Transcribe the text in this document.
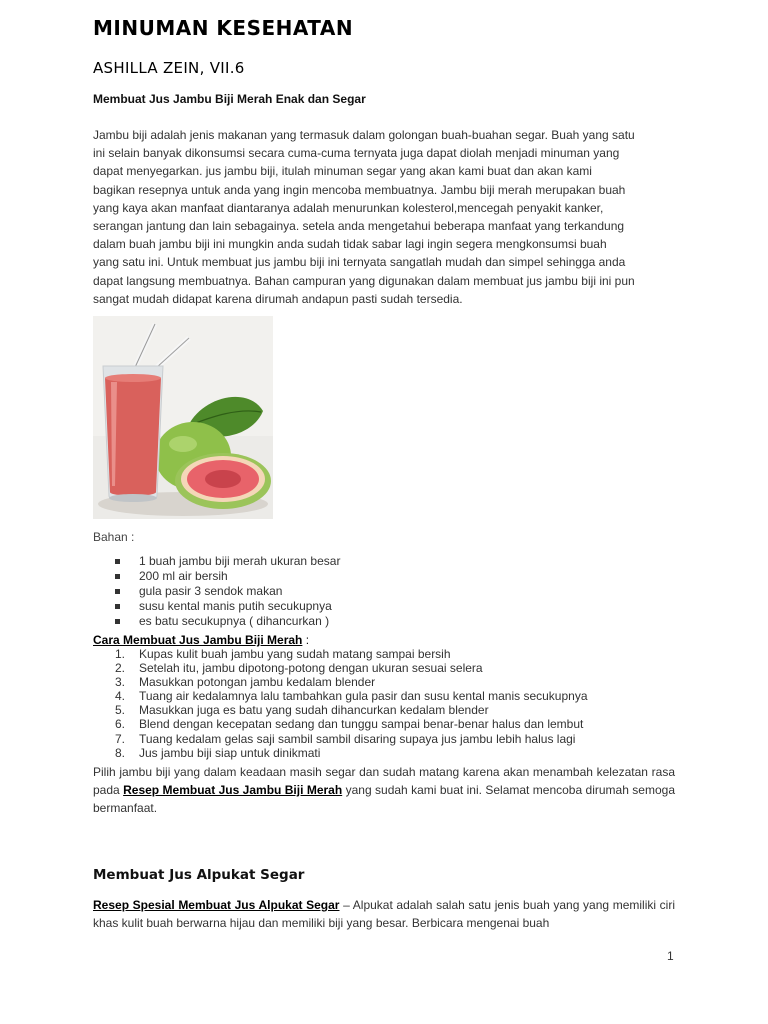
MINUMAN KESEHATAN
ASHILLA ZEIN, VII.6
Membuat Jus Jambu Biji Merah Enak dan Segar
Jambu biji adalah jenis makanan yang termasuk dalam golongan buah-buahan segar. Buah yang satu
ini selain banyak dikonsumsi secara cuma-cuma ternyata juga dapat diolah menjadi minuman yang
dapat menyegarkan. jus jambu biji, itulah minuman segar yang akan kami buat dan akan kami
bagikan resepnya untuk anda yang ingin mencoba membuatnya. Jambu biji merah merupakan buah
yang kaya akan manfaat diantaranya adalah menurunkan kolesterol,mencegah penyakit kanker,
serangan jantung dan lain sebagainya. setela anda mengetahui beberapa manfaat yang terkandung
dalam buah jambu biji ini mungkin anda sudah tidak sabar lagi ingin segera mengkonsumsi buah
yang satu ini. Untuk membuat jus jambu biji ini ternyata sangatlah mudah dan simpel sehingga anda
dapat langsung membuatnya. Bahan campuran yang digunakan dalam membuat jus jambu biji ini pun
sangat mudah didapat karena dirumah andapun pasti sudah tersedia.
Bahan :
1 buah jambu biji merah ukuran besar
200 ml air bersih
gula pasir 3 sendok makan
susu kental manis putih secukupnya
es batu secukupnya ( dihancurkan )
Cara Membuat Jus Jambu Biji Merah :
1. Kupas kulit buah jambu yang sudah matang sampai bersih
2. Setelah itu, jambu dipotong-potong dengan ukuran sesuai selera
3. Masukkan potongan jambu kedalam blender
4. Tuang air kedalamnya lalu tambahkan gula pasir dan susu kental manis secukupnya
5. Masukkan juga es batu yang sudah dihancurkan kedalam blender
6. Blend dengan kecepatan sedang dan tunggu sampai benar-benar halus dan lembut
7. Tuang kedalam gelas saji sambil sambil disaring supaya jus jambu lebih halus lagi
8. Jus jambu biji siap untuk dinikmati

Pilih jambu biji yang dalam keadaan masih segar dan sudah matang karena akan menambah kelezatan rasa pada Resep Membuat Jus Jambu Biji Merah yang sudah kami buat ini. Selamat mencoba dirumah semoga bermanfaat.

Membuat Jus Alpukat Segar

Resep Spesial Membuat Jus Alpukat Segar – Alpukat adalah salah satu jenis buah yang yang memiliki ciri khas kulit buah berwarna hijau dan memiliki biji yang besar. Berbicara mengenai buah

1
